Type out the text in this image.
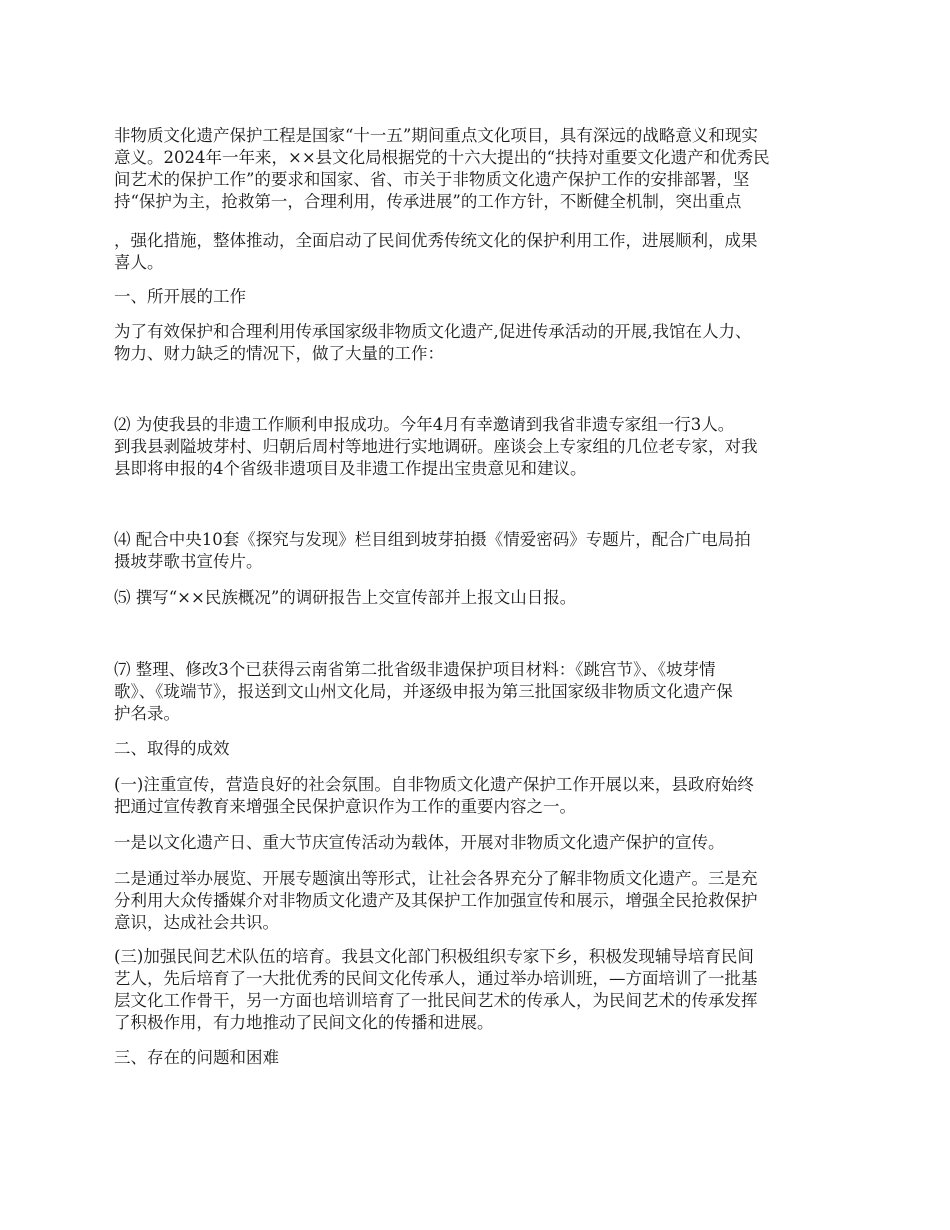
非物质文化遗产保护工程是国家“十一五”期间重点文化项目，具有深远的战略意义和现实
意义。2024年一年来，××县文化局根据党的十六大提出的“扶持对重要文化遗产和优秀民
间艺术的保护工作”的要求和国家、省、市关于非物质文化遗产保护工作的安排部署，坚
持“保护为主，抢救第一，合理利用，传承进展”的工作方针，不断健全机制，突出重点

，强化措施，整体推动，全面启动了民间优秀传统文化的保护利用工作，进展顺利，成果
喜人。

一、所开展的工作

为了有效保护和合理利用传承国家级非物质文化遗产,促进传承活动的开展,我馆在人力、
物力、财力缺乏的情况下，做了大量的工作：

⑵ 为使我县的非遗工作顺利申报成功。今年4月有幸邀请到我省非遗专家组一行3人。
到我县剥隘坡芽村、归朝后周村等地进行实地调研。座谈会上专家组的几位老专家，对我
县即将申报的4个省级非遗项目及非遗工作提出宝贵意见和建议。

⑷ 配合中央10套《探究与发现》栏目组到坡芽拍摄《情爱密码》专题片，配合广电局拍
摄坡芽歌书宣传片。

⑸ 撰写“××民族概况”的调研报告上交宣传部并上报文山日报。

⑺ 整理、修改3个已获得云南省第二批省级非遗保护项目材料：《跳宫节》、《坡芽情
歌》、《珑端节》，报送到文山州文化局，并逐级申报为第三批国家级非物质文化遗产保
护名录。

二、取得的成效

(一)注重宣传，营造良好的社会氛围。自非物质文化遗产保护工作开展以来，县政府始终
把通过宣传教育来增强全民保护意识作为工作的重要内容之一。

一是以文化遗产日、重大节庆宣传活动为载体，开展对非物质文化遗产保护的宣传。

二是通过举办展览、开展专题演出等形式，让社会各界充分了解非物质文化遗产。三是充
分利用大众传播媒介对非物质文化遗产及其保护工作加强宣传和展示，增强全民抢救保护
意识，达成社会共识。

(三)加强民间艺术队伍的培育。我县文化部门积极组织专家下乡，积极发现辅导培育民间
艺人，先后培育了一大批优秀的民间文化传承人，通过举办培训班，—方面培训了一批基
层文化工作骨干，另一方面也培训培育了一批民间艺术的传承人，为民间艺术的传承发挥
了积极作用，有力地推动了民间文化的传播和进展。

三、存在的问题和困难
